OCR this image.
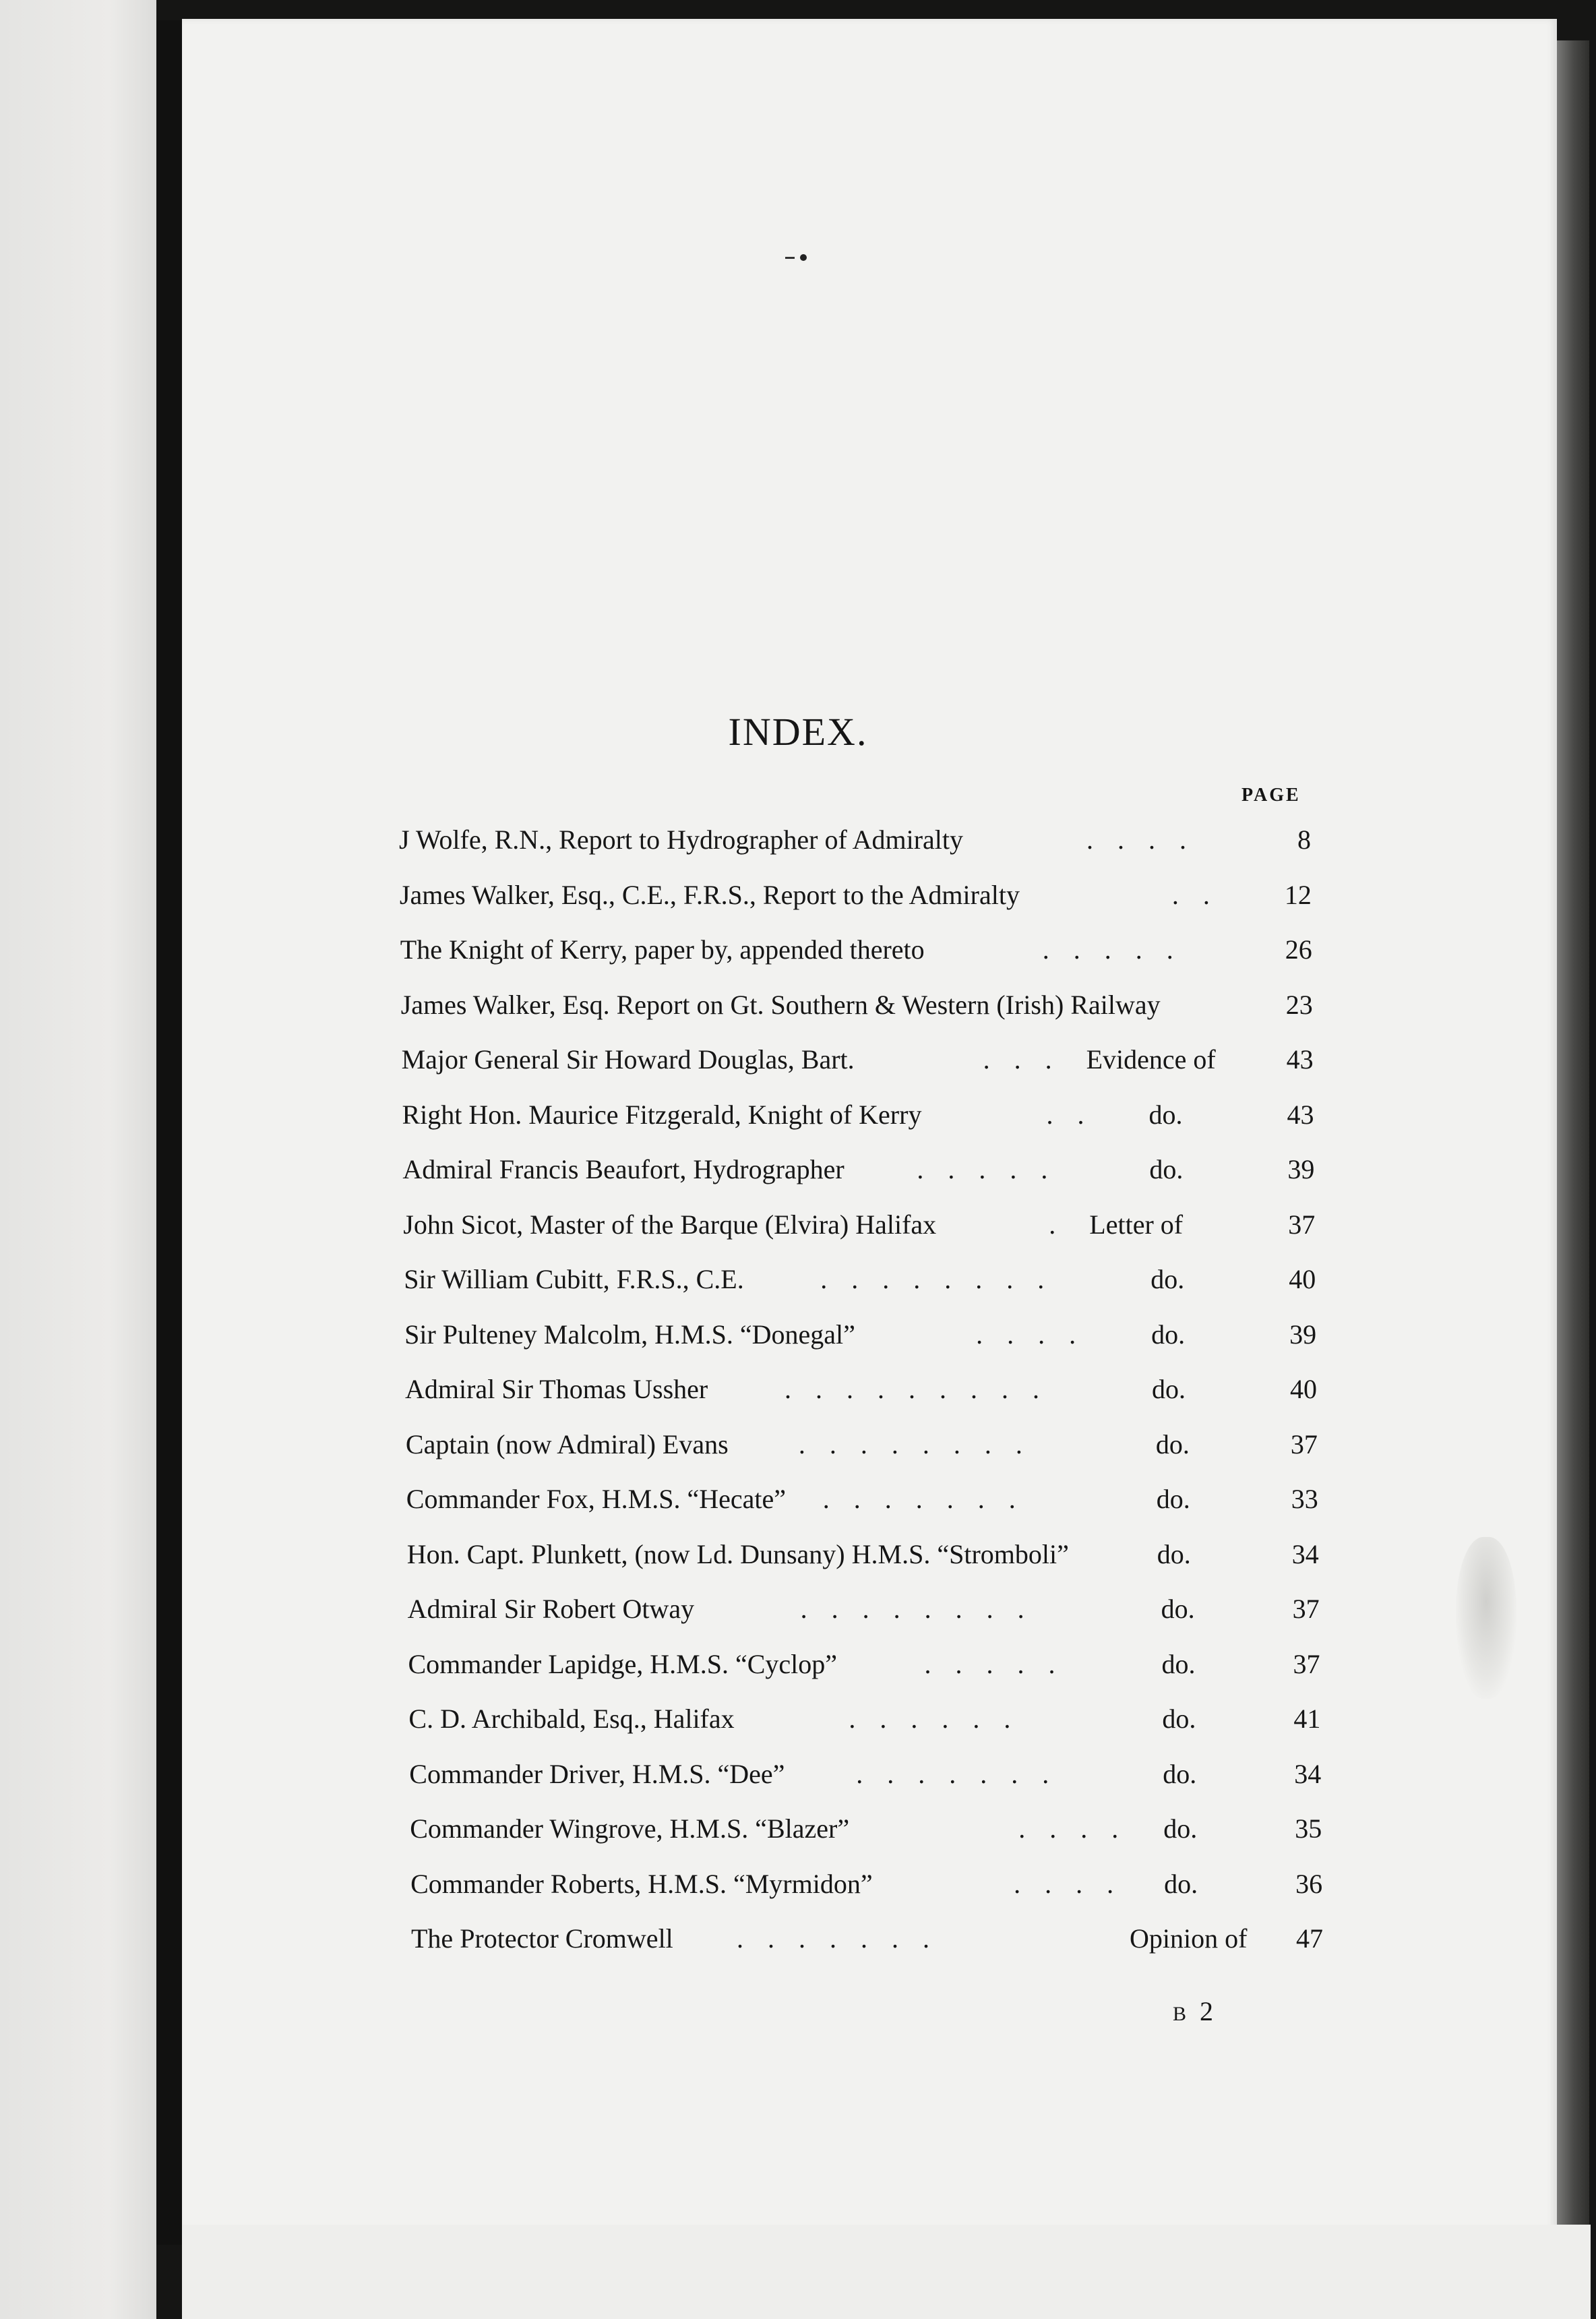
INDEX.
PAGE
J Wolfe, R.N., Report to Hydrographer of Admiralty	. . . .	8
James Walker, Esq., C.E., F.R.S., Report to the Admiralty	. .	12
The Knight of Kerry, paper by, appended thereto	. . . . .	26
James Walker, Esq. Report on Gt. Southern & Western (Irish) Railway	23
Major General Sir Howard Douglas, Bart.	. . . Evidence of	43
Right Hon. Maurice Fitzgerald, Knight of Kerry	. . do.	43
Admiral Francis Beaufort, Hydrographer	. . . . .	do.	39
John Sicot, Master of the Barque (Elvira) Halifax	. Letter of	37
Sir William Cubitt, F.R.S., C.E.	. . . . . . . .	do.	40
Sir Pulteney Malcolm, H.M.S. “Donegal”	. . . .	do.	39
Admiral Sir Thomas Ussher	. . . . . . . . .	do.	40
Captain (now Admiral) Evans	. . . . . . . .	do.	37
Commander Fox, H.M.S. “Hecate” . . . . . . .	do.	33
Hon. Capt. Plunkett, (now Ld. Dunsany) H.M.S. “Stromboli”	do.	34
Admiral Sir Robert Otway	. . . . . . . .	do.	37
Commander Lapidge, H.M.S. “Cyclop”	. . . . .	do.	37
C. D. Archibald, Esq., Halifax	. . . . . .	do.	41
Commander Driver, H.M.S. “Dee”	. . . . . . .	do.	34
Commander Wingrove, H.M.S. “Blazer”	. . . . do.	35
Commander Roberts, H.M.S. “Myrmidon”	. . . . do.	36
The Protector Cromwell . . . . . . .	Opinion of 47
B 2
